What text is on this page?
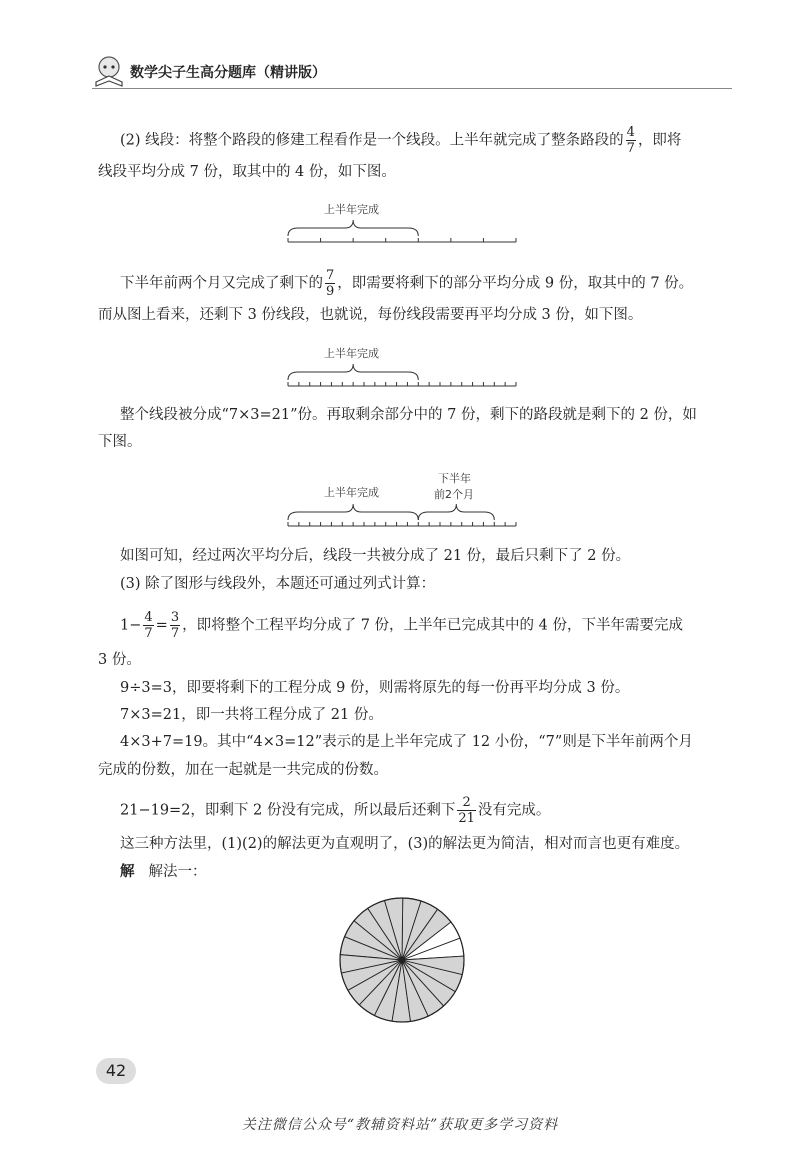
数学尖子生高分题库（精讲版）
(2) 线段：将整个路段的修建工程看作是一个线段。上半年就完成了整条路段的 $\frac{4}{7}$ ，即将
线段平均分成 7 份，取其中的 4 份，如下图。
上半年完成
下半年前两个月又完成了剩下的 $\frac{7}{9}$ ，即需要将剩下的部分平均分成 9 份，取其中的 7 份。
而从图上看来，还剩下 3 份线段，也就说，每份线段需要再平均分成 3 份，如下图。
上半年完成
整个线段被分成“7×3=21”份。再取剩余部分中的 7 份，剩下的路段就是剩下的 2 份，如
下图。
上半年完成
下半年
前2个月
如图可知，经过两次平均分后，线段一共被分成了 21 份，最后只剩下了 2 份。
(3) 除了图形与线段外，本题还可通过列式计算：
$1- \frac{4}{7} = \frac{3}{7}$ ，即将整个工程平均分成了 7 份，上半年已完成其中的 4 份，下半年需要完成
3 份。
9÷3=3，即要将剩下的工程分成 9 份，则需将原先的每一份再平均分成 3 份。
7×3=21，即一共将工程分成了 21 份。
4×3+7=19。其中“4×3=12”表示的是上半年完成了 12 小份，“7”则是下半年前两个月
完成的份数，加在一起就是一共完成的份数。
21−19=2，即剩下 2 份没有完成，所以最后还剩下 $\frac{2}{21}$ 没有完成。
这三种方法里，(1)(2)的解法更为直观明了，(3)的解法更为简洁，相对而言也更有难度。
解 解法一：
42
关注微信公众号“教辅资料站”获取更多学习资料
